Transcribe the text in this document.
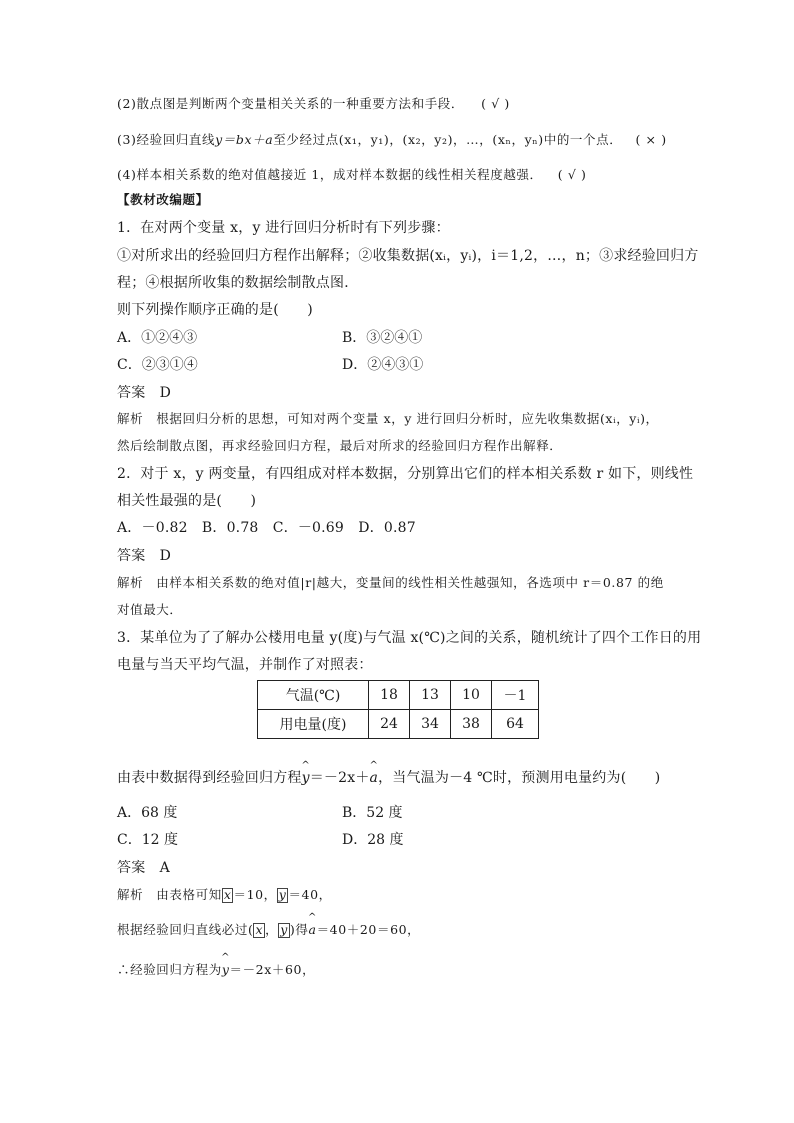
(2)散点图是判断两个变量相关关系的一种重要方法和手段． ( √ )
(3)经验回归直线y＝bx＋a至少经过点(x₁，y₁)，(x₂，y₂)，…，(xₙ，yₙ)中的一个点． ( × )
(4)样本相关系数的绝对值越接近 1，成对样本数据的线性相关程度越强． ( √ )
【教材改编题】
1．在对两个变量 x，y 进行回归分析时有下列步骤：
①对所求出的经验回归方程作出解释；②收集数据(xᵢ，yᵢ)，i＝1,2，…，n；③求经验回归方
程；④根据所收集的数据绘制散点图．
则下列操作顺序正确的是(　　)
A．①②④③	B．③②④①
C．②③①④	D．②④③①
答案　D
解析　根据回归分析的思想，可知对两个变量 x，y 进行回归分析时，应先收集数据(xᵢ，yᵢ)，
然后绘制散点图，再求经验回归方程，最后对所求的经验回归方程作出解释．
2．对于 x，y 两变量，有四组成对样本数据，分别算出它们的样本相关系数 r 如下，则线性
相关性最强的是(　　)
A．－0.82　B．0.78　C．－0.69　D．0.87
答案　D
解析　由样本相关系数的绝对值|r|越大，变量间的线性相关性越强知，各选项中 r＝0.87 的绝
对值最大．
3．某单位为了了解办公楼用电量 y(度)与气温 x(℃)之间的关系，随机统计了四个工作日的用
电量与当天平均气温，并制作了对照表：
气温(℃)	18	13	10	－1
用电量(度)	24	34	38	64
由表中数据得到经验回归方程^ y＝－2x＋^ a，当气温为－4 ℃时，预测用电量约为(　　)
A．68 度	B．52 度
C．12 度	D．28 度
答案　A
解析　由表格可知 x ＝10， y ＝40，
根据经验回归直线必过( x ， y )得^ a＝40＋20＝60，
∴经验回归方程为^ y＝－2x＋60，
